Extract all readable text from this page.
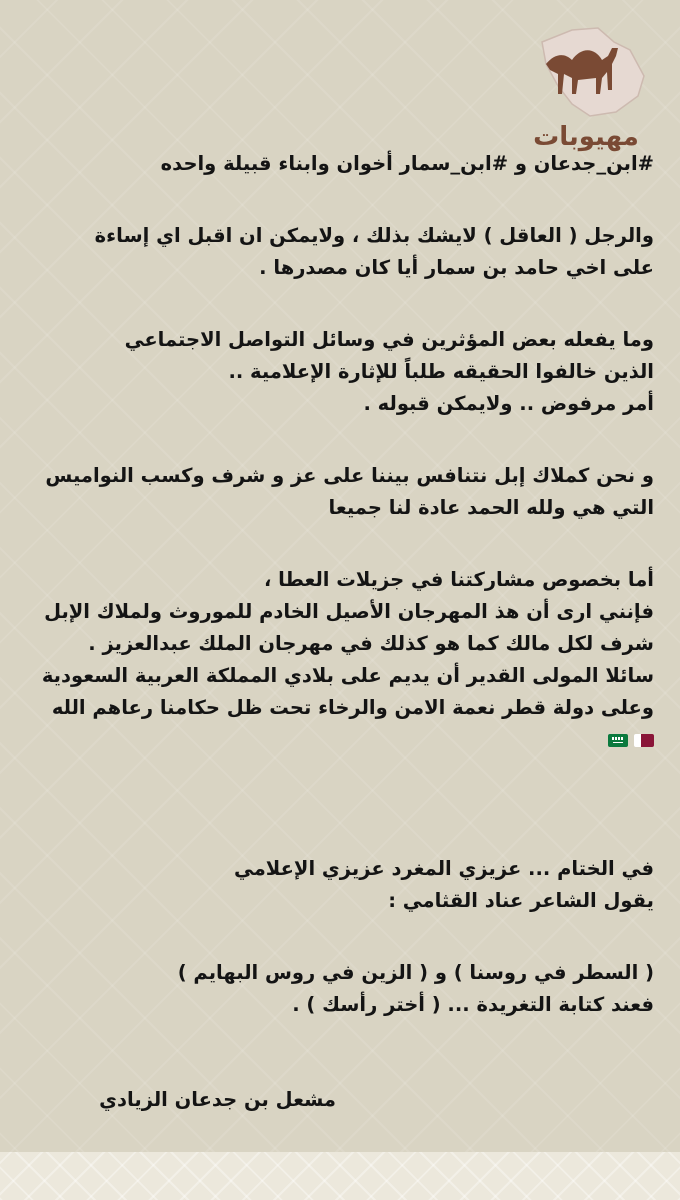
مهيوبات
#ابن_جدعان و #ابن_سمار أخوان وابناء قبيلة واحده
والرجل ( العاقل ) لايشك بذلك ، ولايمكن ان اقبل اي إساءة
على اخي حامد بن سمار أيا كان مصدرها .
وما يفعله بعض المؤثرين في وسائل التواصل الاجتماعي
الذين خالفوا الحقيقه طلباً للإثارة الإعلامية ..
أمر مرفوض .. ولايمكن قبوله .
و نحن كملاك إبل نتنافس بيننا على عز و شرف وكسب النواميس
التي هي ولله الحمد عادة لنا جميعا
أما بخصوص مشاركتنا في جزيلات العطا ،
فإنني ارى أن هذ المهرجان الأصيل الخادم للموروث ولملاك الإبل
شرف لكل مالك كما هو كذلك في مهرجان الملك عبدالعزيز .
سائلا المولى القدير أن يديم على بلادي المملكة العربية السعودية
وعلى دولة قطر نعمة الامن والرخاء تحت ظل حكامنا رعاهم الله
في الختام ... عزيزي المغرد عزيزي الإعلامي
يقول الشاعر عناد القثامي :
( السطر في روسنا ) و ( الزين في روس البهايم )
فعند كتابة التغريدة ... ( أختر رأسك ) .
مشعل بن جدعان الزيادي
